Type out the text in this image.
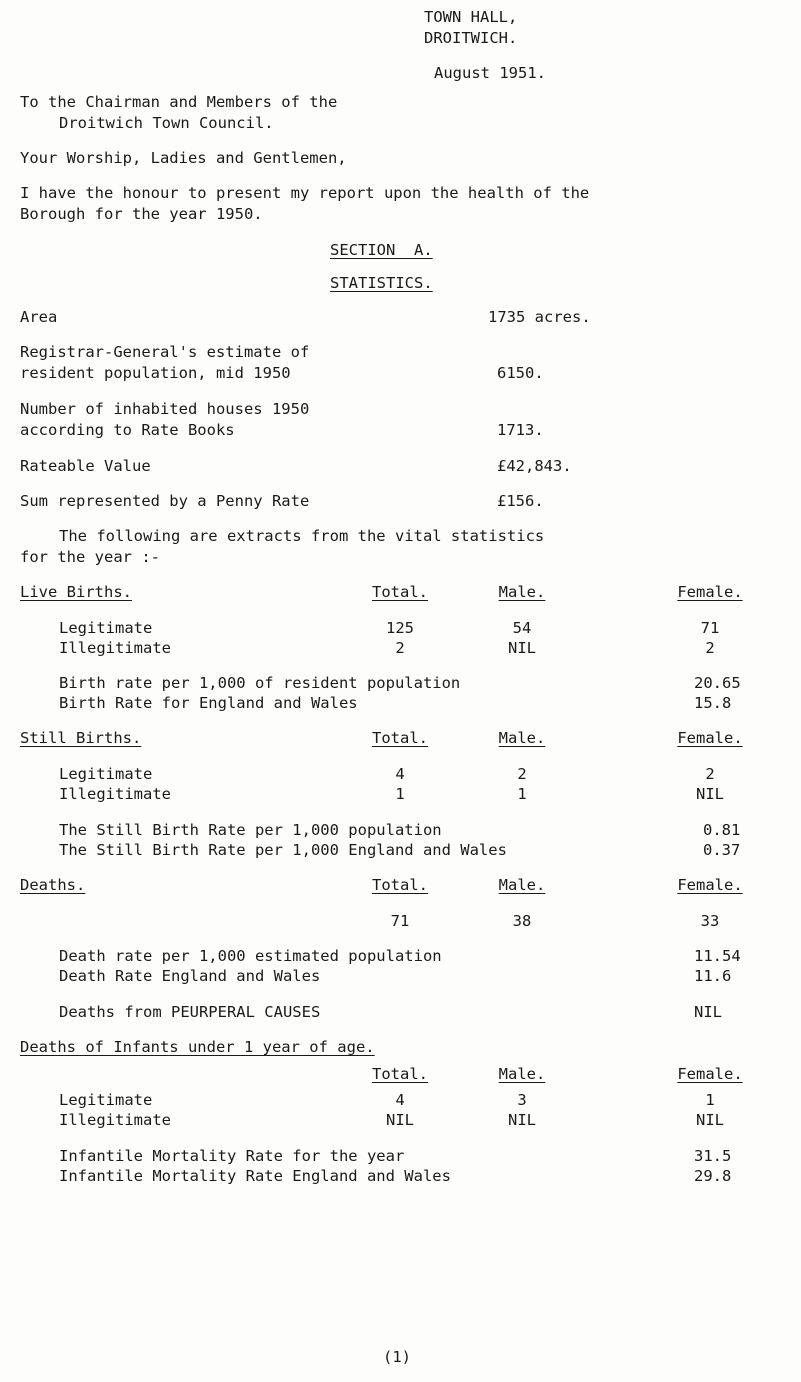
TOWN HALL,
DROITWICH.
August 1951.
To the Chairman and Members of the
Droitwich Town Council.
Your Worship, Ladies and Gentlemen,
I have the honour to present my report upon the health of the
Borough for the year 1950.
SECTION  A.
STATISTICS.
Area	1735 acres.
Registrar-General's estimate of
resident population, mid 1950	6150.
Number of inhabited houses 1950
according to Rate Books	1713.
Rateable Value	£42,843.
Sum represented by a Penny Rate	£156.
The following are extracts from the vital statistics
for the year :-
Live Births.	Total.	Male.	Female.
Legitimate	125	54	71
Illegitimate	2	NIL	2
Birth rate per 1,000 of resident population	20.65
Birth Rate for England and Wales	15.8
Still Births.	Total.	Male.	Female.
Legitimate	4	2	2
Illegitimate	1	1	NIL
The Still Birth Rate per 1,000 population	0.81
The Still Birth Rate per 1,000 England and Wales	0.37
Deaths.	Total.	Male.	Female.
71	38	33
Death rate per 1,000 estimated population	11.54
Death Rate England and Wales	11.6
Deaths from PEURPERAL CAUSES	NIL
Deaths of Infants under 1 year of age.
Total.	Male.	Female.
Legitimate	4	3	1
Illegitimate	NIL	NIL	NIL
Infantile Mortality Rate for the year	31.5
Infantile Mortality Rate England and Wales	29.8
(1)
